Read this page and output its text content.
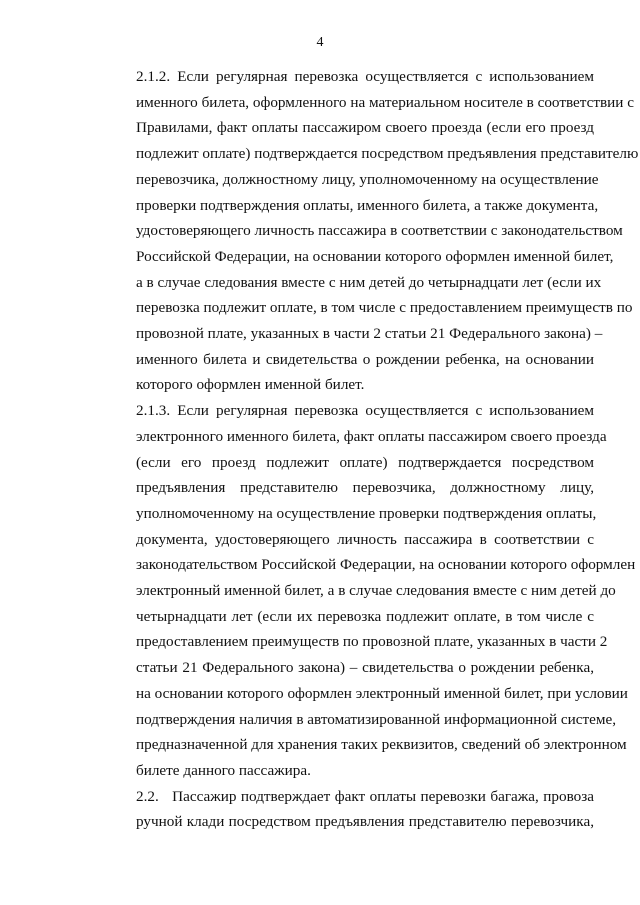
4
2.1.2. Если регулярная перевозка осуществляется с использованием
именного билета, оформленного на материальном носителе в соответствии с
Правилами, факт оплаты пассажиром своего проезда (если его проезд
подлежит оплате) подтверждается посредством предъявления представителю
перевозчика, должностному лицу, уполномоченному на осуществление
проверки подтверждения оплаты, именного билета, а также документа,
удостоверяющего личность пассажира в соответствии с законодательством
Российской Федерации, на основании которого оформлен именной билет,
а в случае следования вместе с ним детей до четырнадцати лет (если их
перевозка подлежит оплате, в том числе с предоставлением преимуществ по
провозной плате, указанных в части 2 статьи 21 Федерального закона) –
именного билета и свидетельства о рождении ребенка, на основании
которого оформлен именной билет.
2.1.3. Если регулярная перевозка осуществляется с использованием
электронного именного билета, факт оплаты пассажиром своего проезда
(если его проезд подлежит оплате) подтверждается посредством
предъявления представителю перевозчика, должностному лицу,
уполномоченному на осуществление проверки подтверждения оплаты,
документа, удостоверяющего личность пассажира в соответствии с
законодательством Российской Федерации, на основании которого оформлен
электронный именной билет, а в случае следования вместе с ним детей до
четырнадцати лет (если их перевозка подлежит оплате, в том числе с
предоставлением преимуществ по провозной плате, указанных в части 2
статьи 21 Федерального закона) – свидетельства о рождении ребенка,
на основании которого оформлен электронный именной билет, при условии
подтверждения наличия в автоматизированной информационной системе,
предназначенной для хранения таких реквизитов, сведений об электронном
билете данного пассажира.
2.2.   Пассажир подтверждает факт оплаты перевозки багажа, провоза
ручной клади посредством предъявления представителю перевозчика,
